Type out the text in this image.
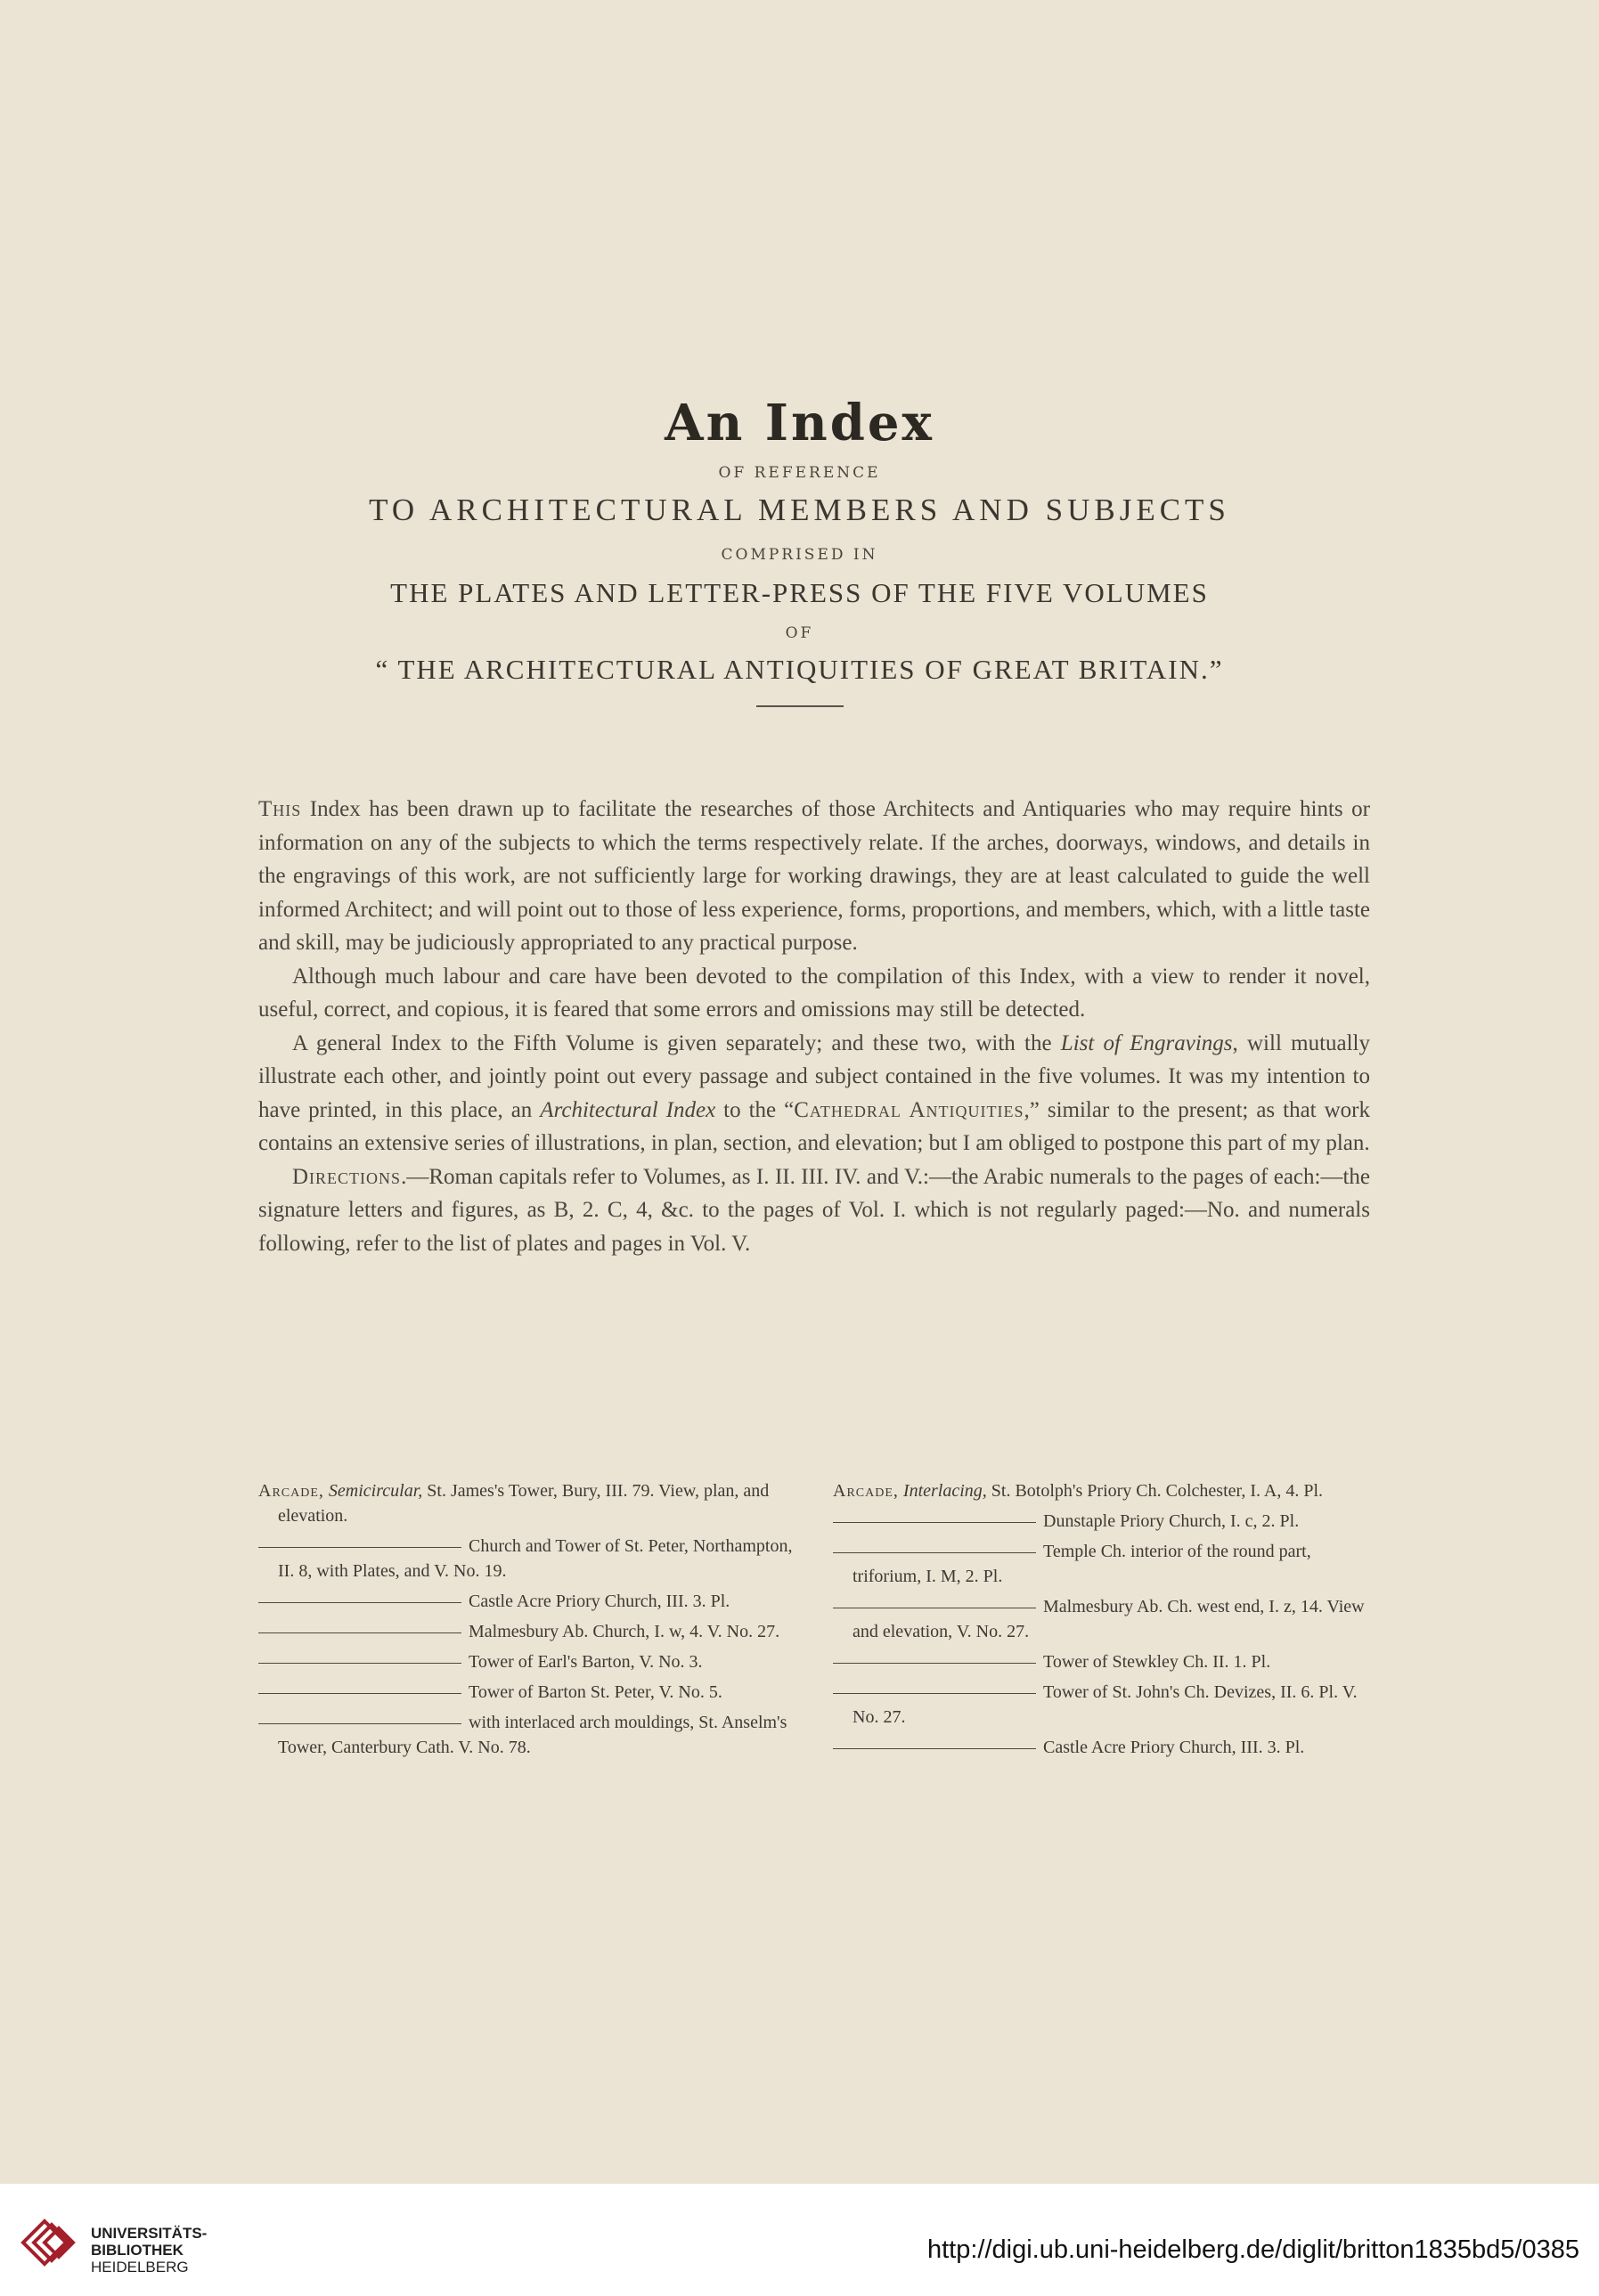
An Index
OF REFERENCE
TO ARCHITECTURAL MEMBERS AND SUBJECTS
COMPRISED IN
THE PLATES AND LETTER-PRESS OF THE FIVE VOLUMES
OF
“ THE ARCHITECTURAL ANTIQUITIES OF GREAT BRITAIN.”

This Index has been drawn up to facilitate the researches of those Architects and Antiquaries who may require hints or information on any of the subjects to which the terms respectively relate. If the arches, doorways, windows, and details in the engravings of this work, are not sufficiently large for working drawings, they are at least calculated to guide the well informed Architect; and will point out to those of less experience, forms, proportions, and members, which, with a little taste and skill, may be judiciously appropriated to any practical purpose.

Although much labour and care have been devoted to the compilation of this Index, with a view to render it novel, useful, correct, and copious, it is feared that some errors and omissions may still be detected.

A general Index to the Fifth Volume is given separately; and these two, with the List of Engravings, will mutually illustrate each other, and jointly point out every passage and subject contained in the five volumes. It was my intention to have printed, in this place, an Architectural Index to the “Cathedral Antiquities,” similar to the present; as that work contains an extensive series of illustrations, in plan, section, and elevation; but I am obliged to postpone this part of my plan.

Directions.—Roman capitals refer to Volumes, as I. II. III. IV. and V.:—the Arabic numerals to the pages of each:—the signature letters and figures, as B, 2. C, 4, &c. to the pages of Vol. I. which is not regularly paged:—No. and numerals following, refer to the list of plates and pages in Vol. V.

Arcade, Semicircular, St. James's Tower, Bury, III. 79. View, plan, and elevation.
Church and Tower of St. Peter, Northampton, II. 8, with Plates, and V. No. 19.
Castle Acre Priory Church, III. 3. Pl.
Malmesbury Ab. Church, I. w, 4. V. No. 27.
Tower of Earl's Barton, V. No. 3.
Tower of Barton St. Peter, V. No. 5.
with interlaced arch mouldings, St. Anselm's Tower, Canterbury Cath. V. No. 78.
Arcade, Interlacing, St. Botolph's Priory Ch. Colchester, I. A, 4. Pl.
Dunstaple Priory Church, I. c, 2. Pl.
Temple Ch. interior of the round part, triforium, I. M, 2. Pl.
Malmesbury Ab. Ch. west end, I. z, 14. View and elevation, V. No. 27.
Tower of Stewkley Ch. II. 1. Pl.
Tower of St. John's Ch. Devizes, II. 6. Pl. V. No. 27.
Castle Acre Priory Church, III. 3. Pl.
UNIVERSITÄTS-
BIBLIOTHEK
HEIDELBERG
http://digi.ub.uni-heidelberg.de/diglit/britton1835bd5/0385
